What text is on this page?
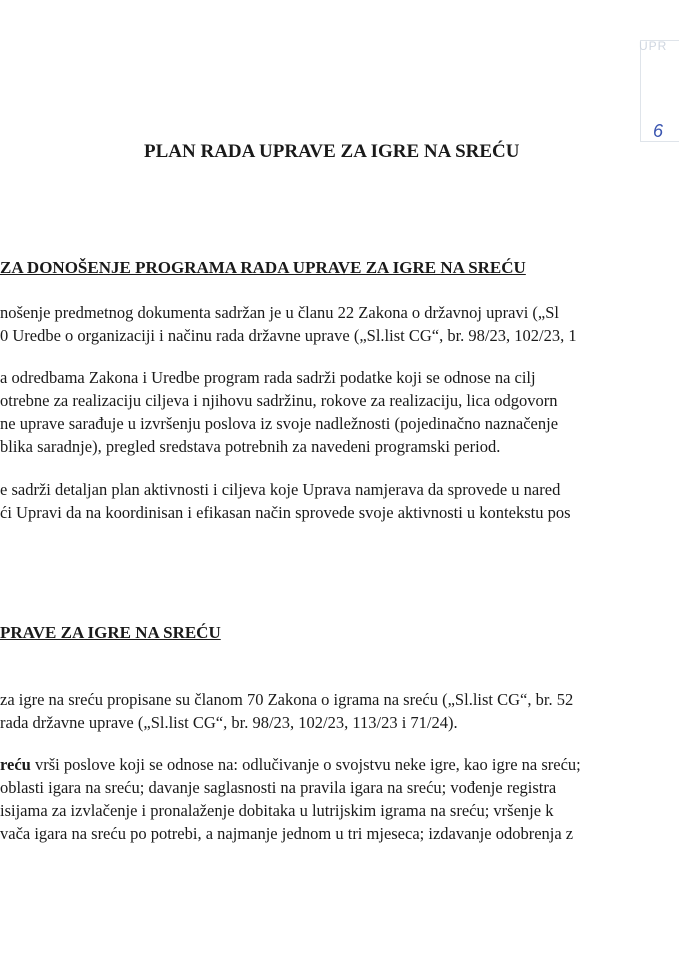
UPR
6
PLAN RADA UPRAVE ZA IGRE NA SREĆU
ZA DONOŠENJE PROGRAMA RADA UPRAVE ZA IGRE NA SREĆU
nošenje predmetnog dokumenta sadržan je u članu 22 Zakona o državnoj upravi („Sl
0 Uredbe o organizaciji i načinu rada državne uprave („Sl.list CG“, br. 98/23, 102/23, 1
a odredbama Zakona i Uredbe program rada sadrži podatke koji se odnose na cilj
otrebne za realizaciju ciljeva i njihovu sadržinu, rokove za realizaciju, lica odgovorn
ne uprave sarađuje u izvršenju poslova iz svoje nadležnosti (pojedinačno naznačenje
blika saradnje), pregled sredstava potrebnih za navedeni programski period.
e sadrži detaljan plan aktivnosti i ciljeva koje Uprava namjerava da sprovede u nared
ći Upravi da na koordinisan i efikasan način sprovede svoje aktivnosti u kontekstu pos
PRAVE ZA IGRE NA SREĆU
za igre na sreću propisane su članom 70 Zakona o igrama na sreću („Sl.list CG“, br. 52
rada državne uprave („Sl.list CG“, br. 98/23, 102/23, 113/23 i 71/24).
reću vrši poslove koji se odnose na: odlučivanje o svojstvu neke igre, kao igre na sreću;
oblasti igara na sreću; davanje saglasnosti na pravila igara na sreću; vođenje registra
isijama za izvlačenje i pronalaženje dobitaka u lutrijskim igrama na sreću; vršenje k
vača igara na sreću po potrebi, a najmanje jednom u tri mjeseca; izdavanje odobrenja z
